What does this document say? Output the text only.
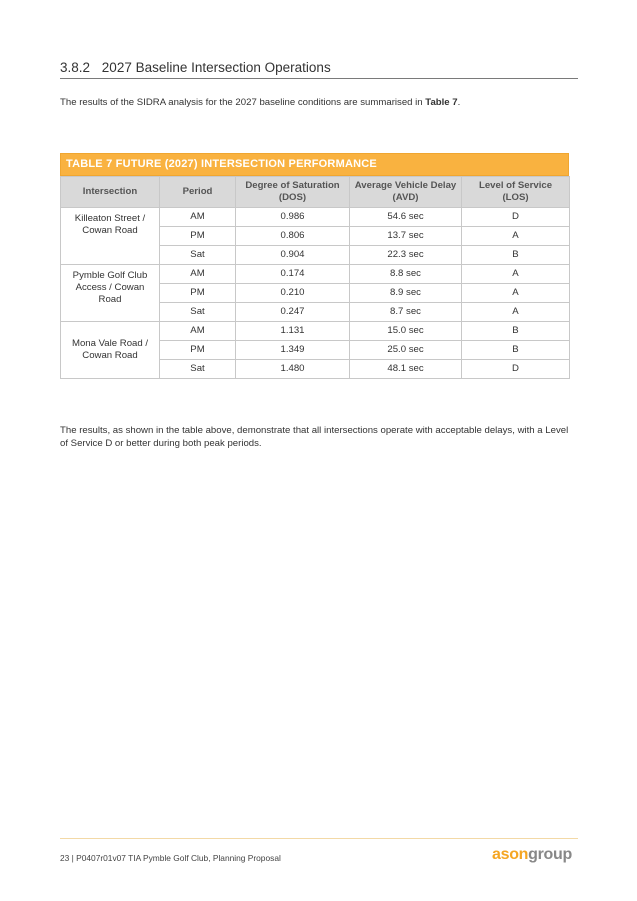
3.8.2 2027 Baseline Intersection Operations
The results of the SIDRA analysis for the 2027 baseline conditions are summarised in Table 7.
TABLE 7 FUTURE (2027) INTERSECTION PERFORMANCE
Intersection	Period	Degree of Saturation (DOS)	Average Vehicle Delay (AVD)	Level of Service (LOS)
Killeaton Street / Cowan Road	AM	0.986	54.6 sec	D
	PM	0.806	13.7 sec	A
	Sat	0.904	22.3 sec	B
Pymble Golf Club Access / Cowan Road	AM	0.174	8.8 sec	A
	PM	0.210	8.9 sec	A
	Sat	0.247	8.7 sec	A
Mona Vale Road / Cowan Road	AM	1.131	15.0 sec	B
	PM	1.349	25.0 sec	B
	Sat	1.480	48.1 sec	D
The results, as shown in the table above, demonstrate that all intersections operate with acceptable delays, with a Level of Service D or better during both peak periods.
23 | P0407r01v07 TIA Pymble Golf Club, Planning Proposal	asongroup
